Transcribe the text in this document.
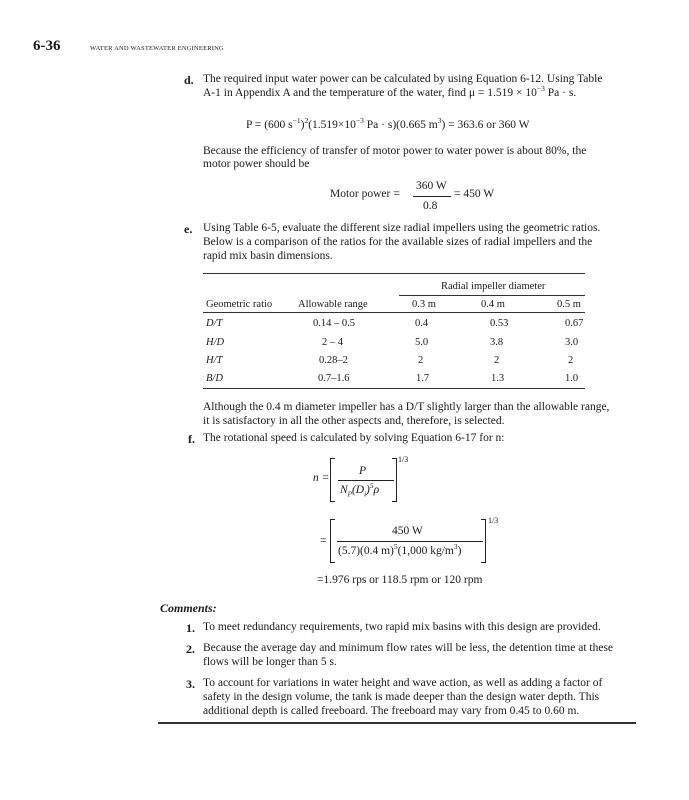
6-36	WATER AND WASTEWATER ENGINEERING
d. The required input water power can be calculated by using Equation 6-12. Using Table
A-1 in Appendix A and the temperature of the water, find $\mu = 1.519 \times 10^{-3}$ Pa · s.
P = (600 $s^{-1})^2(1.519\times 10^{-3}$ Pa · s)(0.665 $m^3) = 363.6$ or 360 W
Because the efficiency of transfer of motor power to water power is about 80%, the
motor power should be
Motor power =
360 W
0.8
= 450 W
e. Using Table 6-5, evaluate the different size radial impellers using the geometric ratios.
Below is a comparison of the ratios for the available sizes of radial impellers and the
rapid mix basin dimensions.
Radial impeller diameter
Geometric ratio Allowable range	0.3 m	0.4 m	0.5 m
D/T	0.14 – 0.5	0.4	0.53	0.67
H/D	2 – 4	5.0	3.8	3.0
H/T	0.28–2	2	2	2
B/D	0.7–1.6	1.7	1.3	1.0
Although the 0.4 m diameter impeller has a D/T slightly larger than the allowable range,
it is satisfactory in all the other aspects and, therefore, is selected.
f. The rotational speed is calculated by solving Equation 6-17 for n:
n =
P
$N_P(D_i)^5\rho$
1/3
=
450 W
(5.7)(0.4 m)$^5$(1,000 $kg/m^3$)
1/3
=1.976 rps or 118.5 rpm or 120 rpm
Comments:
1. To meet redundancy requirements, two rapid mix basins with this design are provided.
2. Because the average day and minimum flow rates will be less, the detention time at these
flows will be longer than 5 s.
3. To account for variations in water height and wave action, as well as adding a factor of
safety in the design volume, the tank is made deeper than the design water depth. This
additional depth is called freeboard. The freeboard may vary from 0.45 to 0.60 m.
